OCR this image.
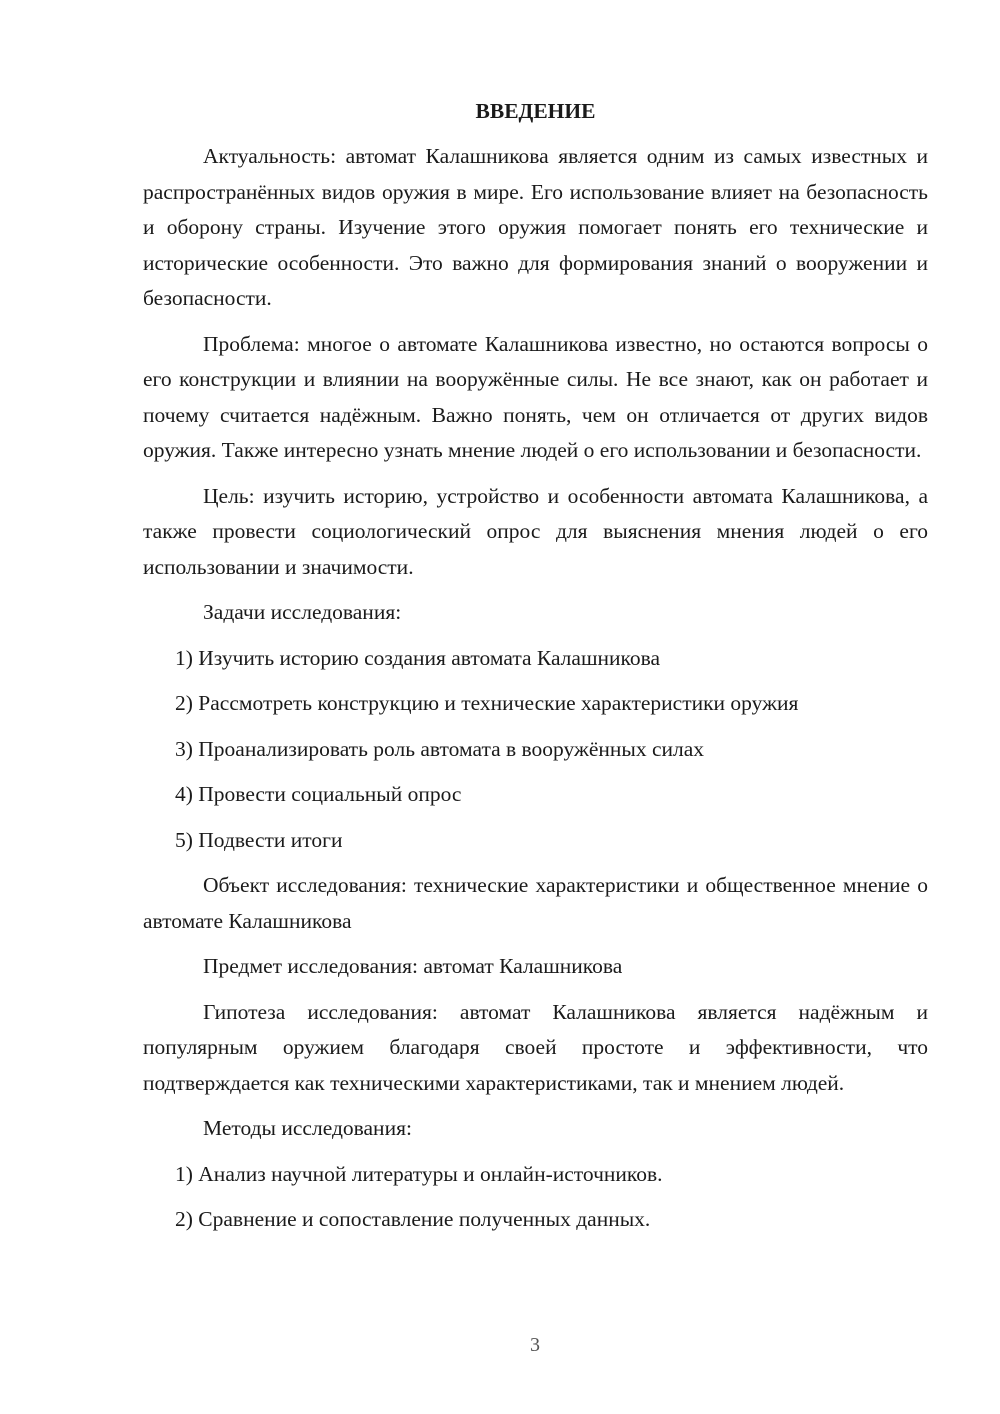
ВВЕДЕНИЕ

Актуальность: автомат Калашникова является одним из самых известных и распространённых видов оружия в мире. Его использование влияет на безопасность и оборону страны. Изучение этого оружия помогает понять его технические и исторические особенности. Это важно для формирования знаний о вооружении и безопасности.

Проблема: многое о автомате Калашникова известно, но остаются вопросы о его конструкции и влиянии на вооружённые силы. Не все знают, как он работает и почему считается надёжным. Важно понять, чем он отличается от других видов оружия. Также интересно узнать мнение людей о его использовании и безопасности.

Цель: изучить историю, устройство и особенности автомата Калашникова, а также провести социологический опрос для выяснения мнения людей о его использовании и значимости.

Задачи исследования:

1) Изучить историю создания автомата Калашникова
2) Рассмотреть конструкцию и технические характеристики оружия
3) Проанализировать роль автомата в вооружённых силах
4) Провести социальный опрос
5) Подвести итоги

Объект исследования: технические характеристики и общественное мнение о автомате Калашникова

Предмет исследования: автомат Калашникова

Гипотеза исследования: автомат Калашникова является надёжным и популярным оружием благодаря своей простоте и эффективности, что подтверждается как техническими характеристиками, так и мнением людей.

Методы исследования:

1) Анализ научной литературы и онлайн-источников.
2) Сравнение и сопоставление полученных данных.
3
